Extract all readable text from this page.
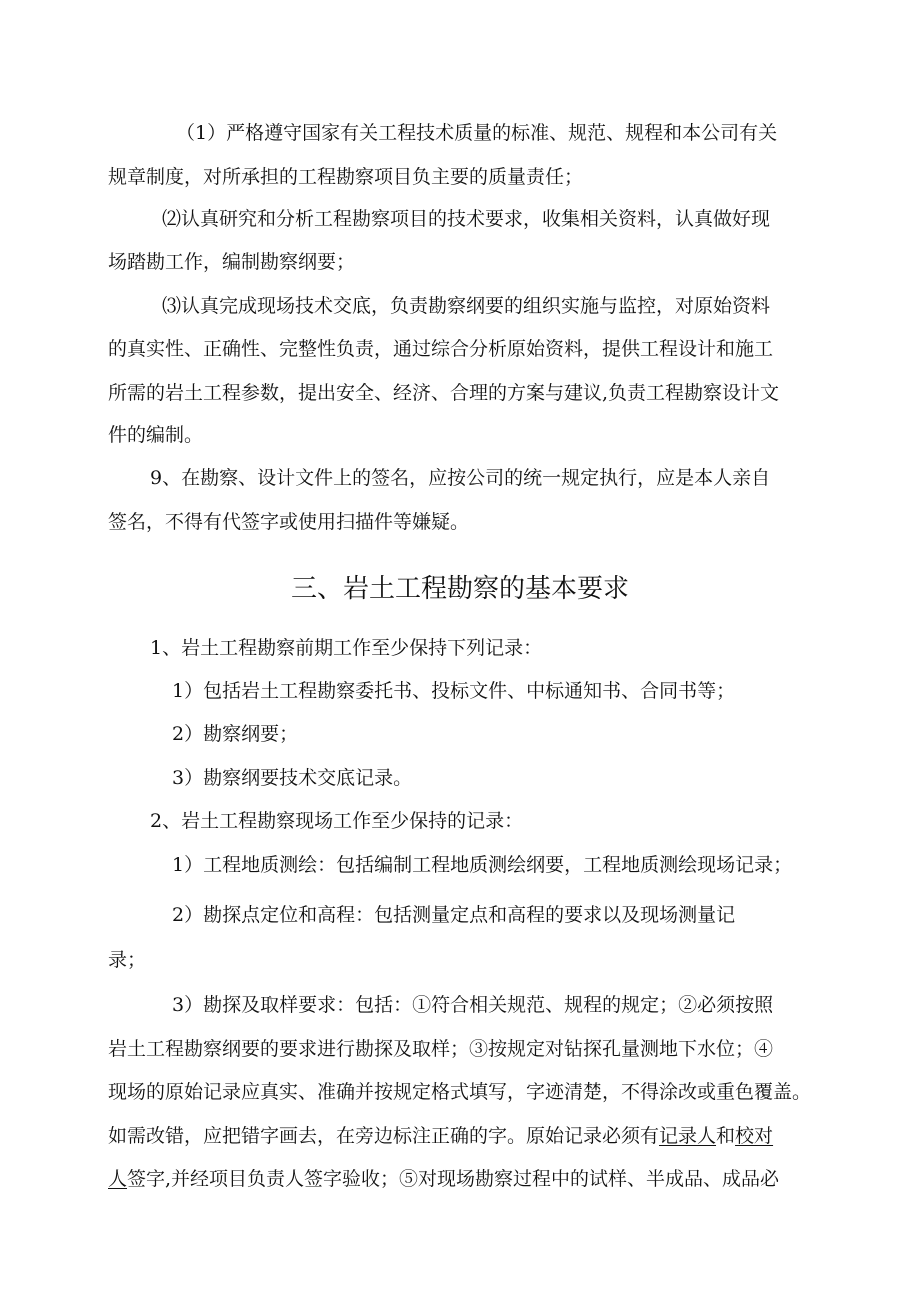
（1）严格遵守国家有关工程技术质量的标准、规范、规程和本公司有关
规章制度，对所承担的工程勘察项目负主要的质量责任；
⑵认真研究和分析工程勘察项目的技术要求，收集相关资料，认真做好现
场踏勘工作，编制勘察纲要；
⑶认真完成现场技术交底，负责勘察纲要的组织实施与监控，对原始资料
的真实性、正确性、完整性负责，通过综合分析原始资料，提供工程设计和施工
所需的岩土工程参数，提出安全、经济、合理的方案与建议,负责工程勘察设计文
件的编制。
9、在勘察、设计文件上的签名，应按公司的统一规定执行，应是本人亲自
签名，不得有代签字或使用扫描件等嫌疑。
三、岩土工程勘察的基本要求
1、岩土工程勘察前期工作至少保持下列记录：
1）包括岩土工程勘察委托书、投标文件、中标通知书、合同书等；
2）勘察纲要；
3）勘察纲要技术交底记录。
2、岩土工程勘察现场工作至少保持的记录：
1）工程地质测绘：包括编制工程地质测绘纲要，工程地质测绘现场记录；
2）勘探点定位和高程：包括测量定点和高程的要求以及现场测量记
录；
3）勘探及取样要求：包括：①符合相关规范、规程的规定；②必须按照
岩土工程勘察纲要的要求进行勘探及取样；③按规定对钻探孔量测地下水位；④
现场的原始记录应真实、准确并按规定格式填写，字迹清楚，不得涂改或重色覆盖。
如需改错，应把错字画去，在旁边标注正确的字。原始记录必须有记录人和校对
人签字,并经项目负责人签字验收；⑤对现场勘察过程中的试样、半成品、成品必
